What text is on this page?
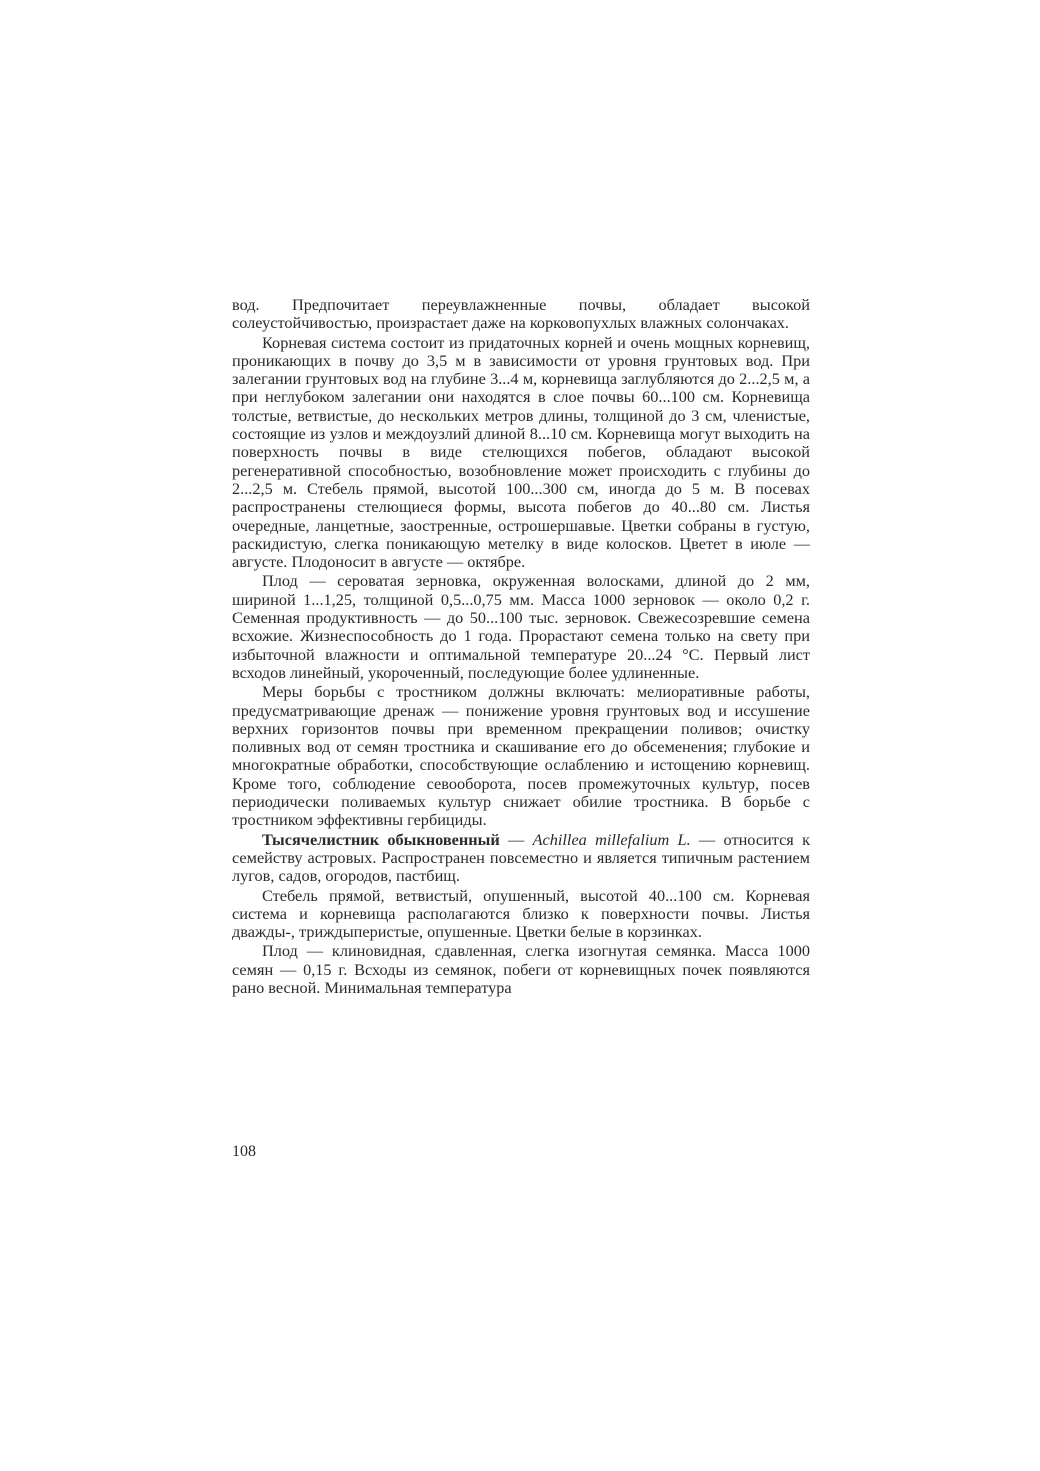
вод. Предпочитает переувлажненные почвы, обладает высокой солеустойчивостью, произрастает даже на корковопухлых влажных солончаках.

Корневая система состоит из придаточных корней и очень мощных корневищ, проникающих в почву до 3,5 м в зависимости от уровня грунтовых вод. При залегании грунтовых вод на глубине 3...4 м, корневища заглубляются до 2...2,5 м, а при неглубоком залегании они находятся в слое почвы 60...100 см. Корневища толстые, ветвистые, до нескольких метров длины, толщиной до 3 см, членистые, состоящие из узлов и междоузлий длиной 8...10 см. Корневища могут выходить на поверхность почвы в виде стелющихся побегов, обладают высокой регенеративной способностью, возобновление может происходить с глубины до 2...2,5 м. Стебель прямой, высотой 100...300 см, иногда до 5 м. В посевах распространены стелющиеся формы, высота побегов до 40...80 см. Листья очередные, ланцетные, заостренные, острошершавые. Цветки собраны в густую, раскидистую, слегка поникающую метелку в виде колосков. Цветет в июле — августе. Плодоносит в августе — октябре.

Плод — сероватая зерновка, окруженная волосками, длиной до 2 мм, шириной 1...1,25, толщиной 0,5...0,75 мм. Масса 1000 зерновок — около 0,2 г. Семенная продуктивность — до 50...100 тыс. зерновок. Свежесозревшие семена всхожие. Жизнеспособность до 1 года. Прорастают семена только на свету при избыточной влажности и оптимальной температуре 20...24 °С. Первый лист всходов линейный, укороченный, последующие более удлиненные.

Меры борьбы с тростником должны включать: мелиоративные работы, предусматривающие дренаж — понижение уровня грунтовых вод и иссушение верхних горизонтов почвы при временном прекращении поливов; очистку поливных вод от семян тростника и скашивание его до обсеменения; глубокие и многократные обработки, способствующие ослаблению и истощению корневищ. Кроме того, соблюдение севооборота, посев промежуточных культур, посев периодически поливаемых культур снижает обилие тростника. В борьбе с тростником эффективны гербициды.

Тысячелистник обыкновенный — Achillea millefalium L. — относится к семейству астровых. Распространен повсеместно и является типичным растением лугов, садов, огородов, пастбищ.

Стебель прямой, ветвистый, опушенный, высотой 40...100 см. Корневая система и корневища располагаются близко к поверхности почвы. Листья дважды-, триждыперистые, опушенные. Цветки белые в корзинках.

Плод — клиновидная, сдавленная, слегка изогнутая семянка. Масса 1000 семян — 0,15 г. Всходы из семянок, побеги от корневищных почек появляются рано весной. Минимальная температура

108
